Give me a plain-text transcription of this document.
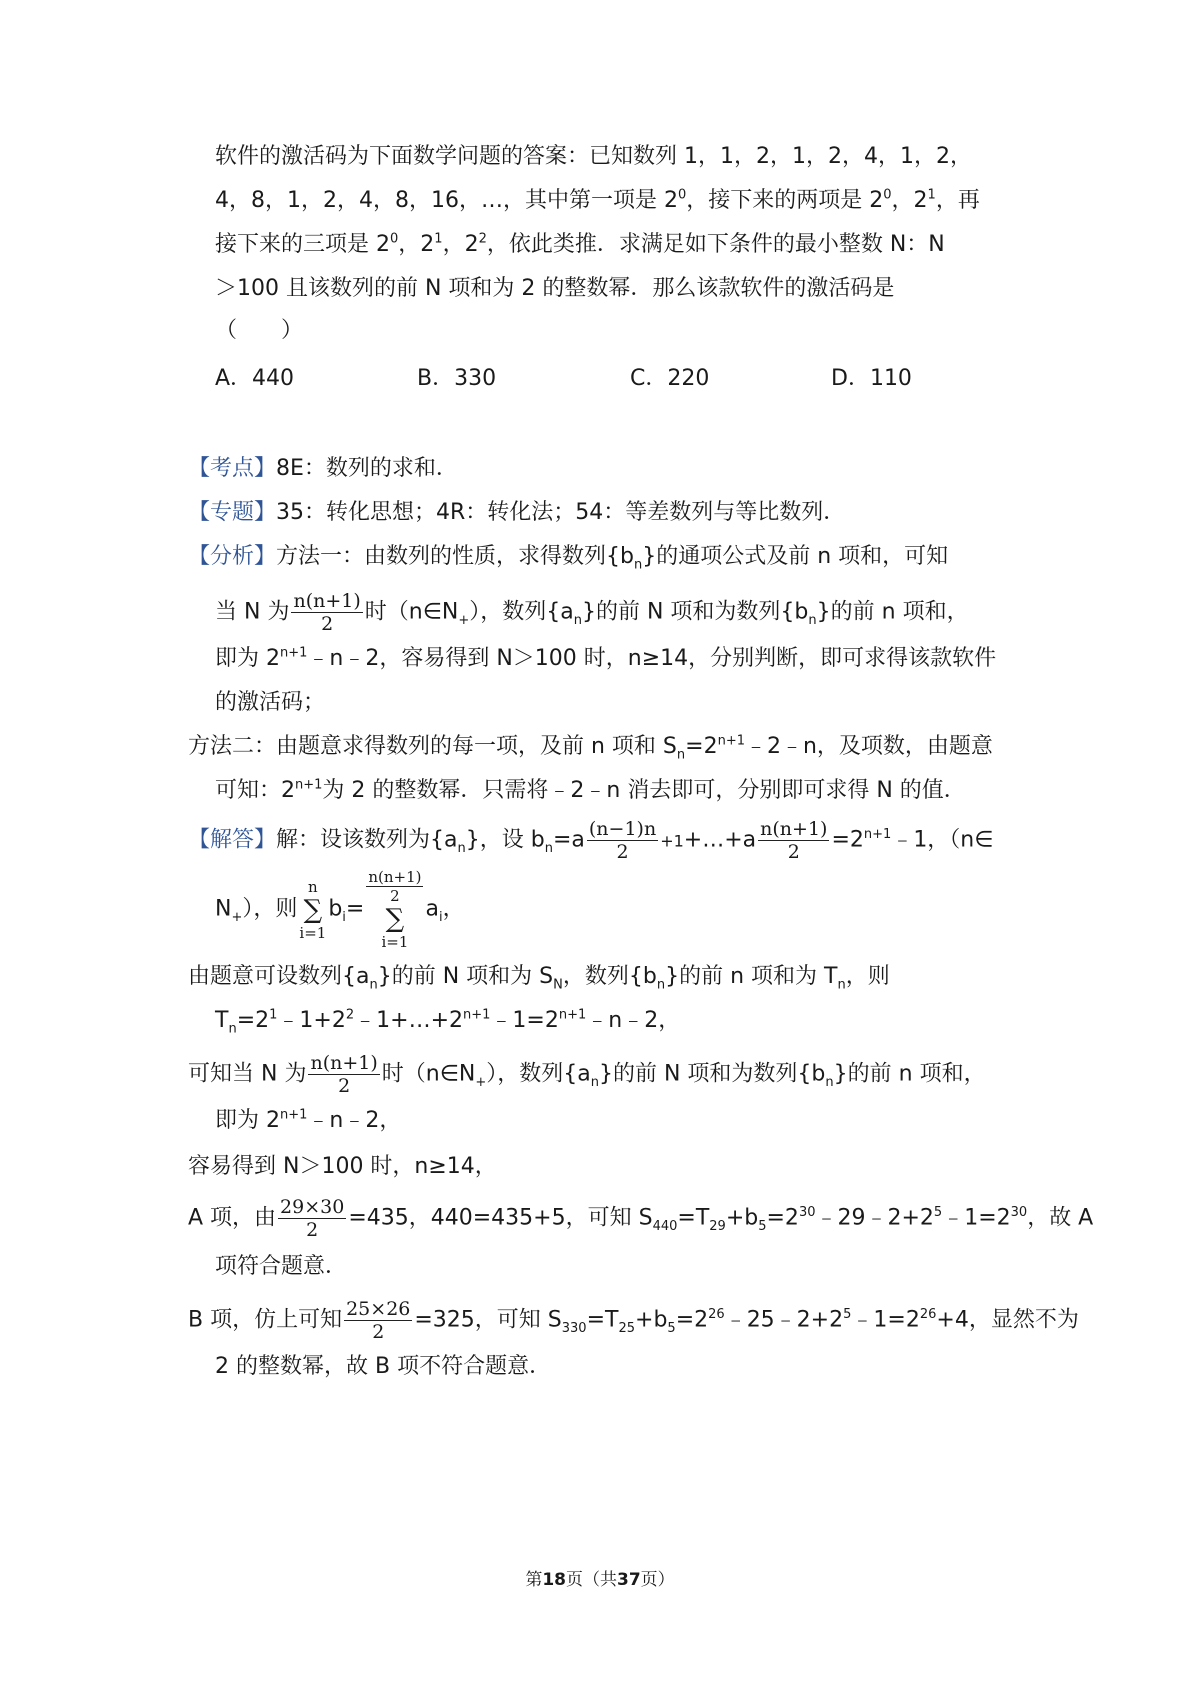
软件的激活码为下面数学问题的答案：已知数列 1，1，2，1，2，4，1，2，
4，8，1，2，4，8，16，…，其中第一项是 $2^0$，接下来的两项是 $2^0$，$2^1$，再
接下来的三项是 $2^0$，$2^1$，$2^2$，依此类推．求满足如下条件的最小整数 N：N
＞100 且该数列的前 N 项和为 2 的整数幂．那么该款软件的激活码是
（　　）
A．440	B．330	C．220	D．110
【考点】8E：数列的求和．
【专题】35：转化思想；4R：转化法；54：等差数列与等比数列．
【分析】方法一：由数列的性质，求得数列$\{b_n\}$的通项公式及前 n 项和，可知
当 N 为 $\frac{n(n+1)}{2}$ 时$(n\in N_+)$，数列$\{a_n\}$的前 N 项和为数列$\{b_n\}$的前 n 项和，
即为 $2^{n+1}﹣n﹣2$，容易得到 N＞100 时，n≥14，分别判断，即可求得该款软件
的激活码；
方法二：由题意求得数列的每一项，及前 n 项和 $S_n=2^{n+1}﹣2﹣n$，及项数，由题意
可知：$2^{n+1}$为 2 的整数幂．只需将﹣2﹣n 消去即可，分别即可求得 N 的值．
【解答】解：设该数列为$\{a_n\}$，设 $b_n=a \frac{(n-1)n}{2}$ +1+…+a $\frac{n(n+1)}{2}$ $=2^{n+1}﹣1$，（n∈
$N_+$），则
n
∑
i=1
$b_i=$
$\frac{n(n+1)}{2}$
∑
i=1
$a_i$，
由题意可设数列$\{a_n\}$的前 N 项和为 $S_N$，数列$\{b_n\}$的前 n 项和为 $T_n$，则
$T_n=2^1﹣1+2^2﹣1+\dots+2^{n+1}﹣1=2^{n+1}﹣n﹣2$，
可知当 N 为 $\frac{n(n+1)}{2}$ 时$(n\in N_+)$，数列$\{a_n\}$的前 N 项和为数列$\{b_n\}$的前 n 项和，
即为 $2^{n+1}﹣n﹣2$，
容易得到 N＞100 时，n≥14，
A 项，由 $\frac{29\times 30}{2} =435$，440=435+5，可知 $S_{440}=T_{29}+b_5=2^{30}﹣29﹣2+2^5﹣1=2^{30}$，故 A
项符合题意．
B 项，仿上可知 $\frac{25\times 26}{2} =325$，可知 $S_{330}=T_{25}+b_5=2^{26}﹣25﹣2+2^5﹣1=2^{26}+4$，显然不为
2 的整数幂，故 B 项不符合题意．
第18页（共37页）
